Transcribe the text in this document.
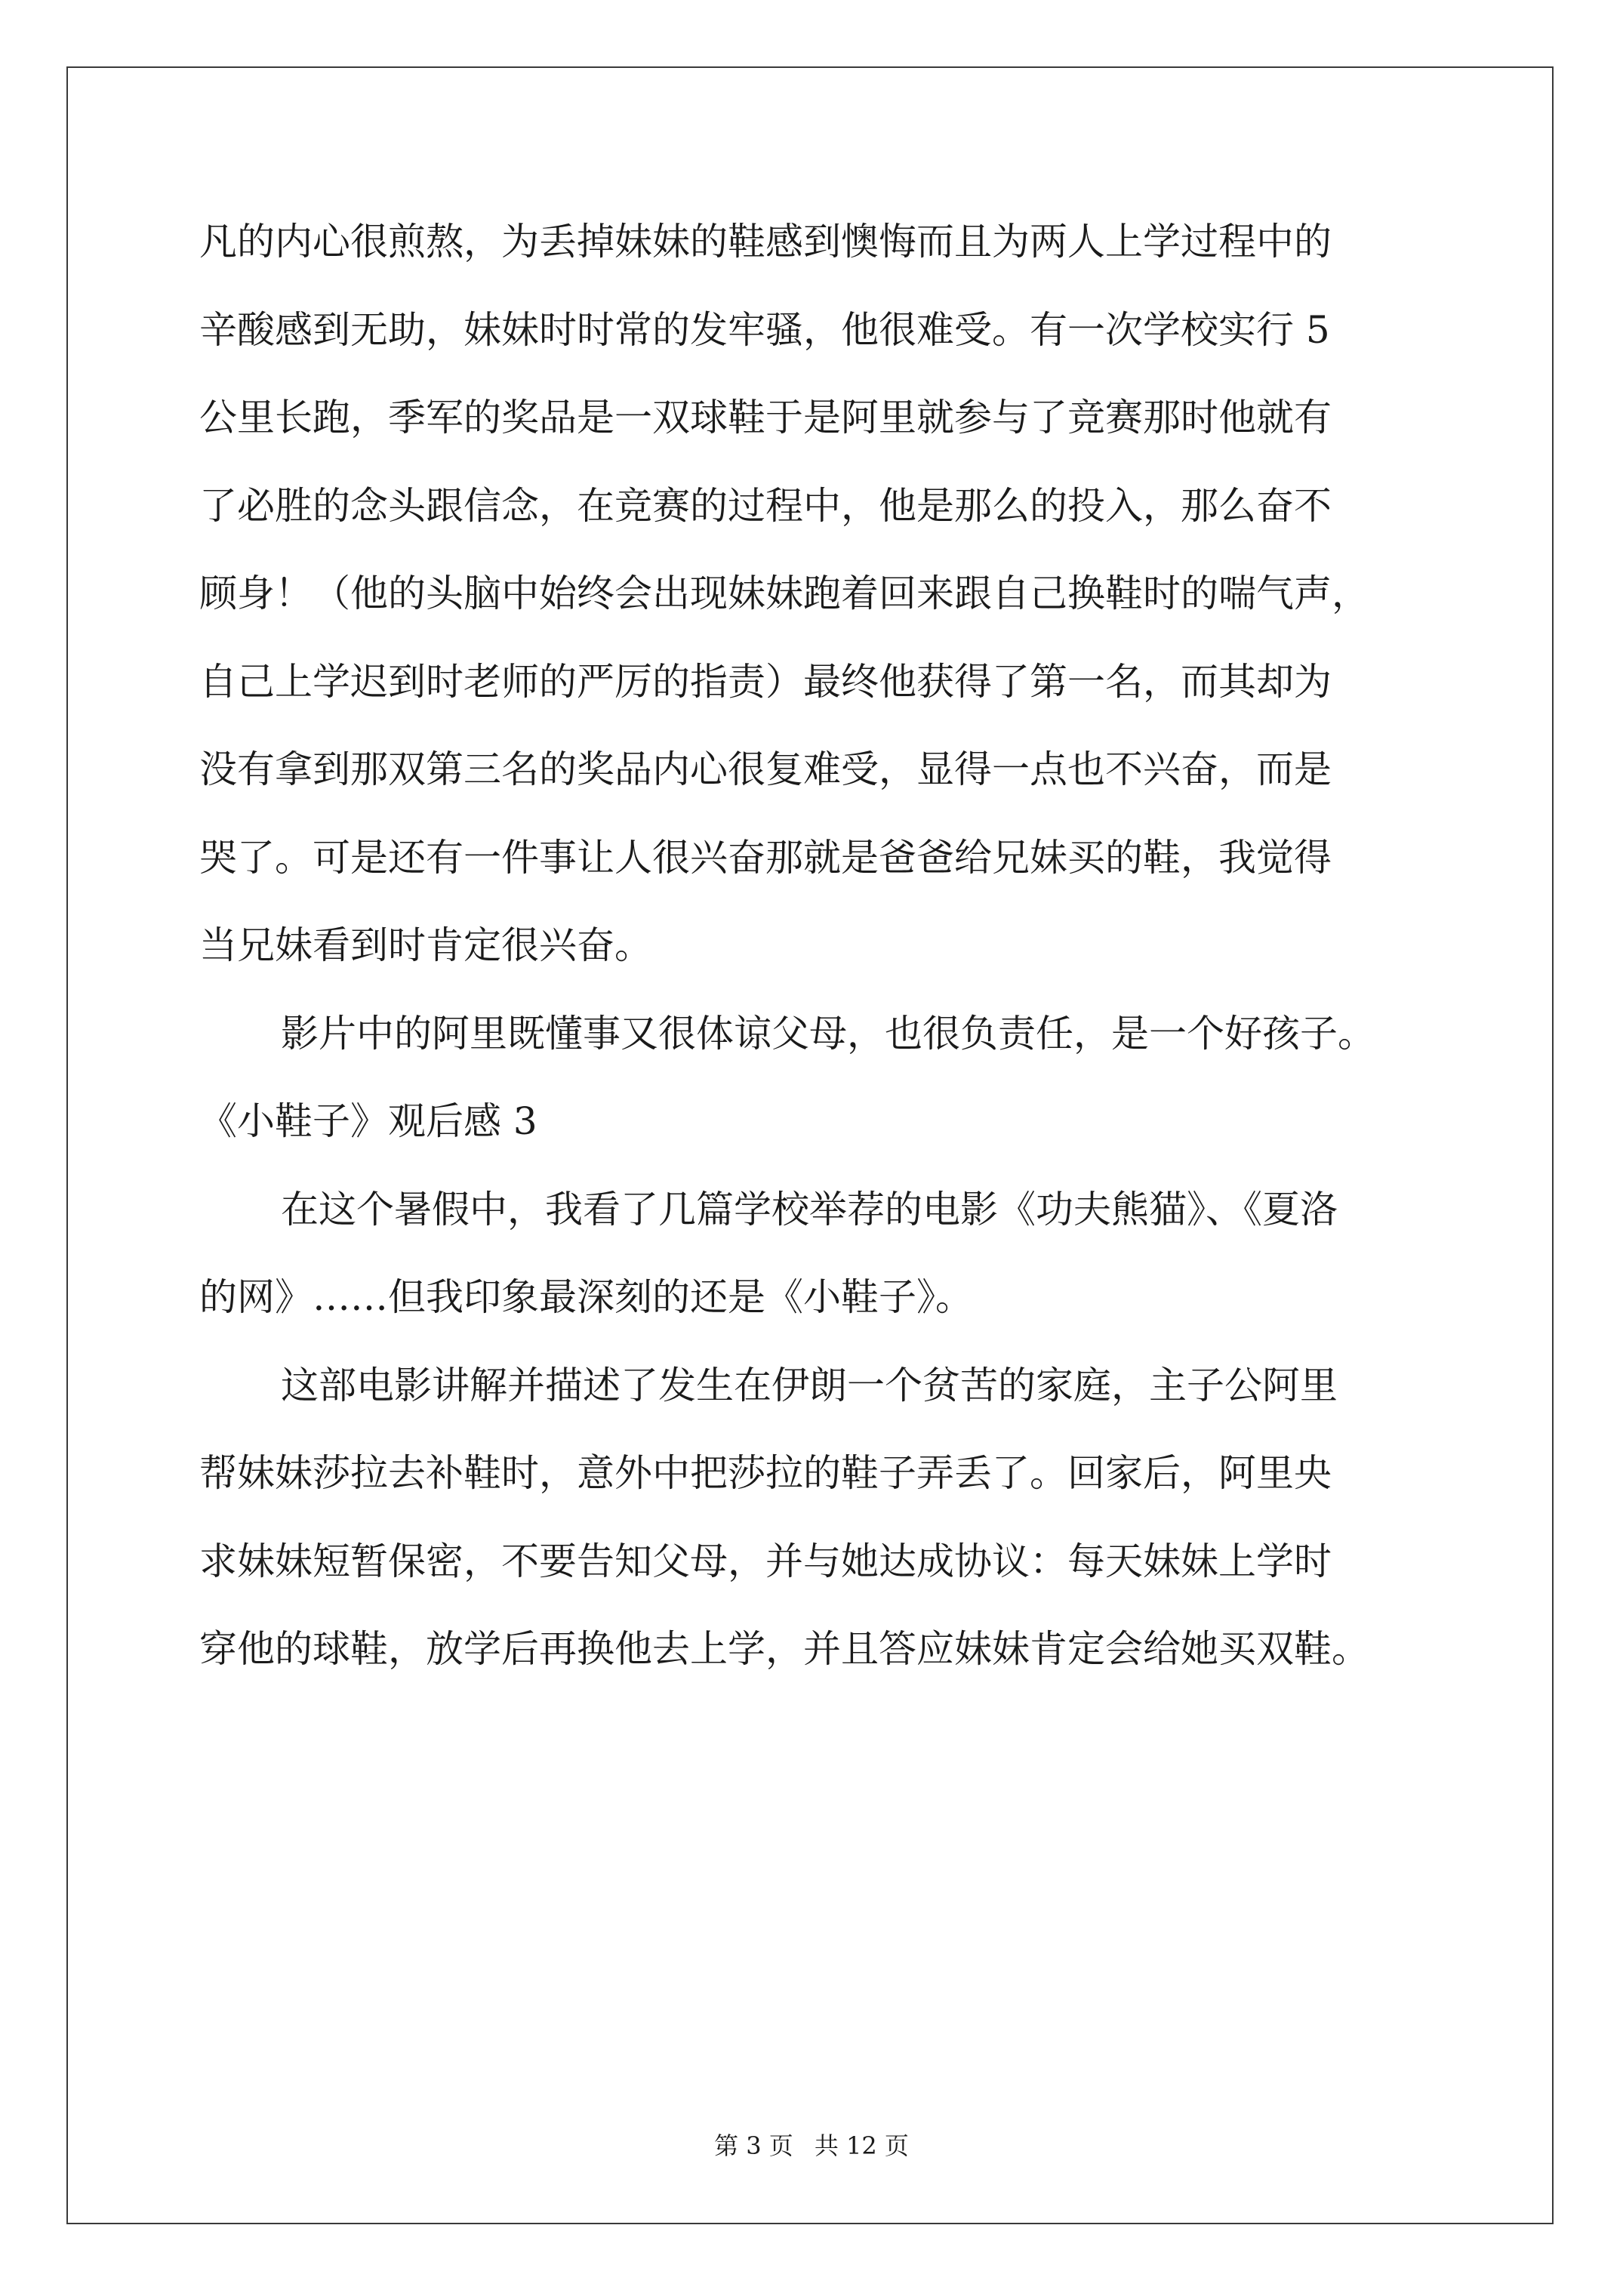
凡的内心很煎熬，为丢掉妹妹的鞋感到懊悔而且为两人上学过程中的
辛酸感到无助，妹妹时时常的发牢骚，他很难受。有一次学校实行 5
公里长跑，季军的奖品是一双球鞋于是阿里就参与了竞赛那时他就有
了必胜的念头跟信念，在竞赛的过程中，他是那么的投入，那么奋不
顾身！（他的头脑中始终会出现妹妹跑着回来跟自己换鞋时的喘气声，
自己上学迟到时老师的严厉的指责）最终他获得了第一名，而其却为
没有拿到那双第三名的奖品内心很复难受，显得一点也不兴奋，而是
哭了。可是还有一件事让人很兴奋那就是爸爸给兄妹买的鞋，我觉得
当兄妹看到时肯定很兴奋。
影片中的阿里既懂事又很体谅父母，也很负责任，是一个好孩子。
《小鞋子》观后感 3
在这个暑假中，我看了几篇学校举荐的电影《功夫熊猫》、《夏洛
的网》……但我印象最深刻的还是《小鞋子》。
这部电影讲解并描述了发生在伊朗一个贫苦的家庭，主子公阿里
帮妹妹莎拉去补鞋时，意外中把莎拉的鞋子弄丢了。回家后，阿里央
求妹妹短暂保密，不要告知父母，并与她达成协议：每天妹妹上学时
穿他的球鞋，放学后再换他去上学，并且答应妹妹肯定会给她买双鞋。
第 3 页 共 12 页
